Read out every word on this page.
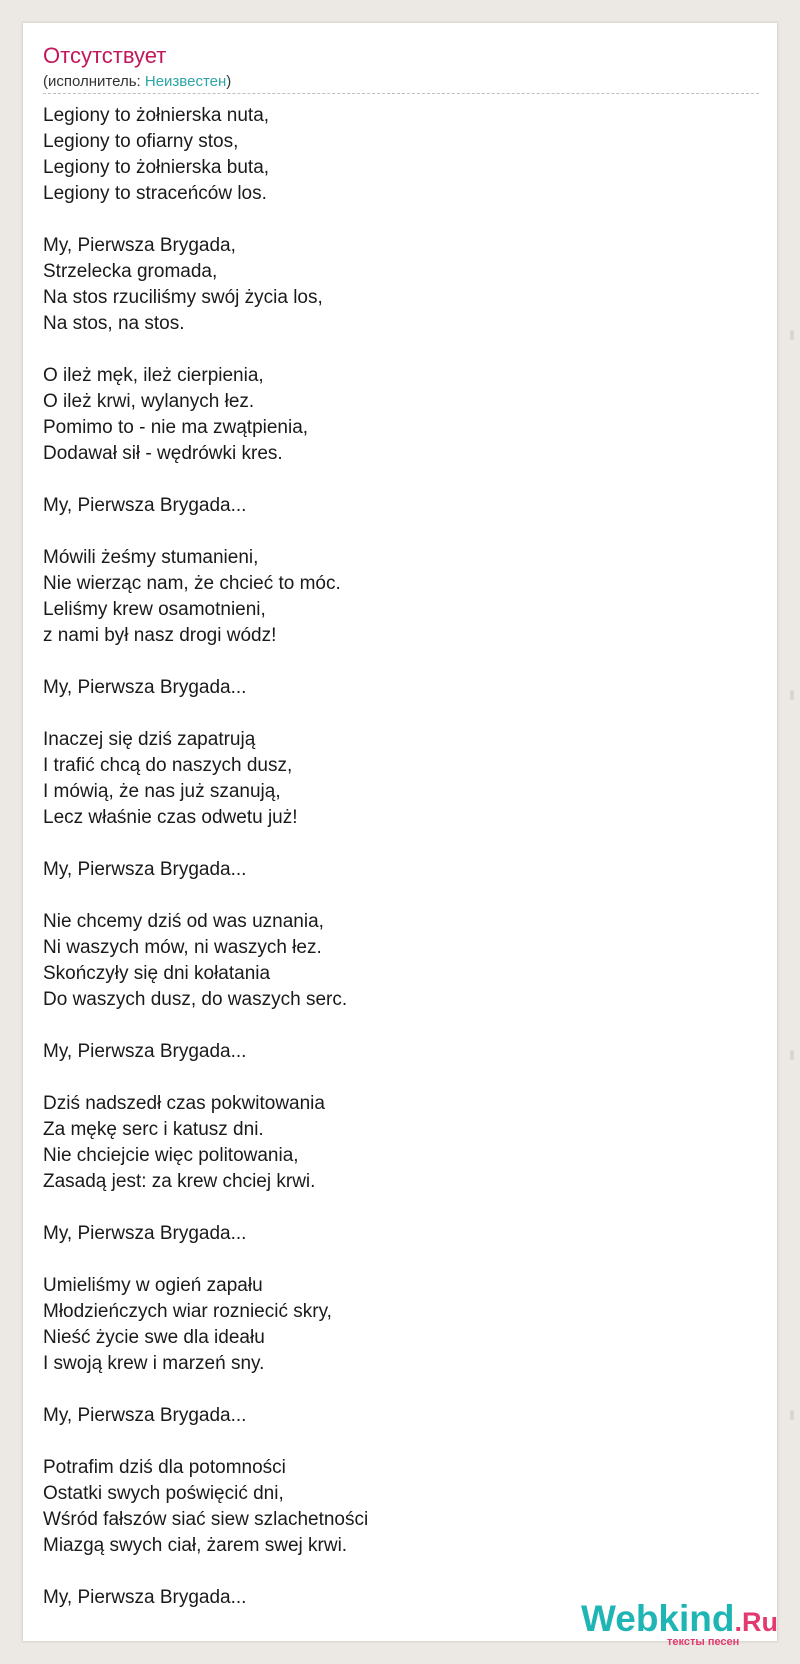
Отсутствует
(исполнитель: Неизвестен)
Legiony to żołnierska nuta,
Legiony to ofiarny stos,
Legiony to żołnierska buta,
Legiony to straceńców los.
My, Pierwsza Brygada,
Strzelecka gromada,
Na stos rzuciliśmy swój życia los,
Na stos, na stos.
O ileż męk, ileż cierpienia,
O ileż krwi, wylanych łez.
Pomimo to - nie ma zwątpienia,
Dodawał sił - wędrówki kres.
My, Pierwsza Brygada...
Mówili żeśmy stumanieni,
Nie wierząc nam, że chcieć to móc.
Leliśmy krew osamotnieni,
z nami był nasz drogi wódz!
My, Pierwsza Brygada...
Inaczej się dziś zapatrują
I trafić chcą do naszych dusz,
I mówią, że nas już szanują,
Lecz właśnie czas odwetu już!
My, Pierwsza Brygada...
Nie chcemy dziś od was uznania,
Ni waszych mów, ni waszych łez.
Skończyły się dni kołatania
Do waszych dusz, do waszych serc.
My, Pierwsza Brygada...
Dziś nadszedł czas pokwitowania
Za mękę serc i katusz dni.
Nie chciejcie więc politowania,
Zasadą jest: za krew chciej krwi.
My, Pierwsza Brygada...
Umieliśmy w ogień zapału
Młodzieńczych wiar rozniecić skry,
Nieść życie swe dla ideału
I swoją krew i marzeń sny.
My, Pierwsza Brygada...
Potrafim dziś dla potomności
Ostatki swych poświęcić dni,
Wśród fałszów siać siew szlachetności
Miazgą swych ciał, żarem swej krwi.
My, Pierwsza Brygada...
Webkind.Ru
тексты песен
